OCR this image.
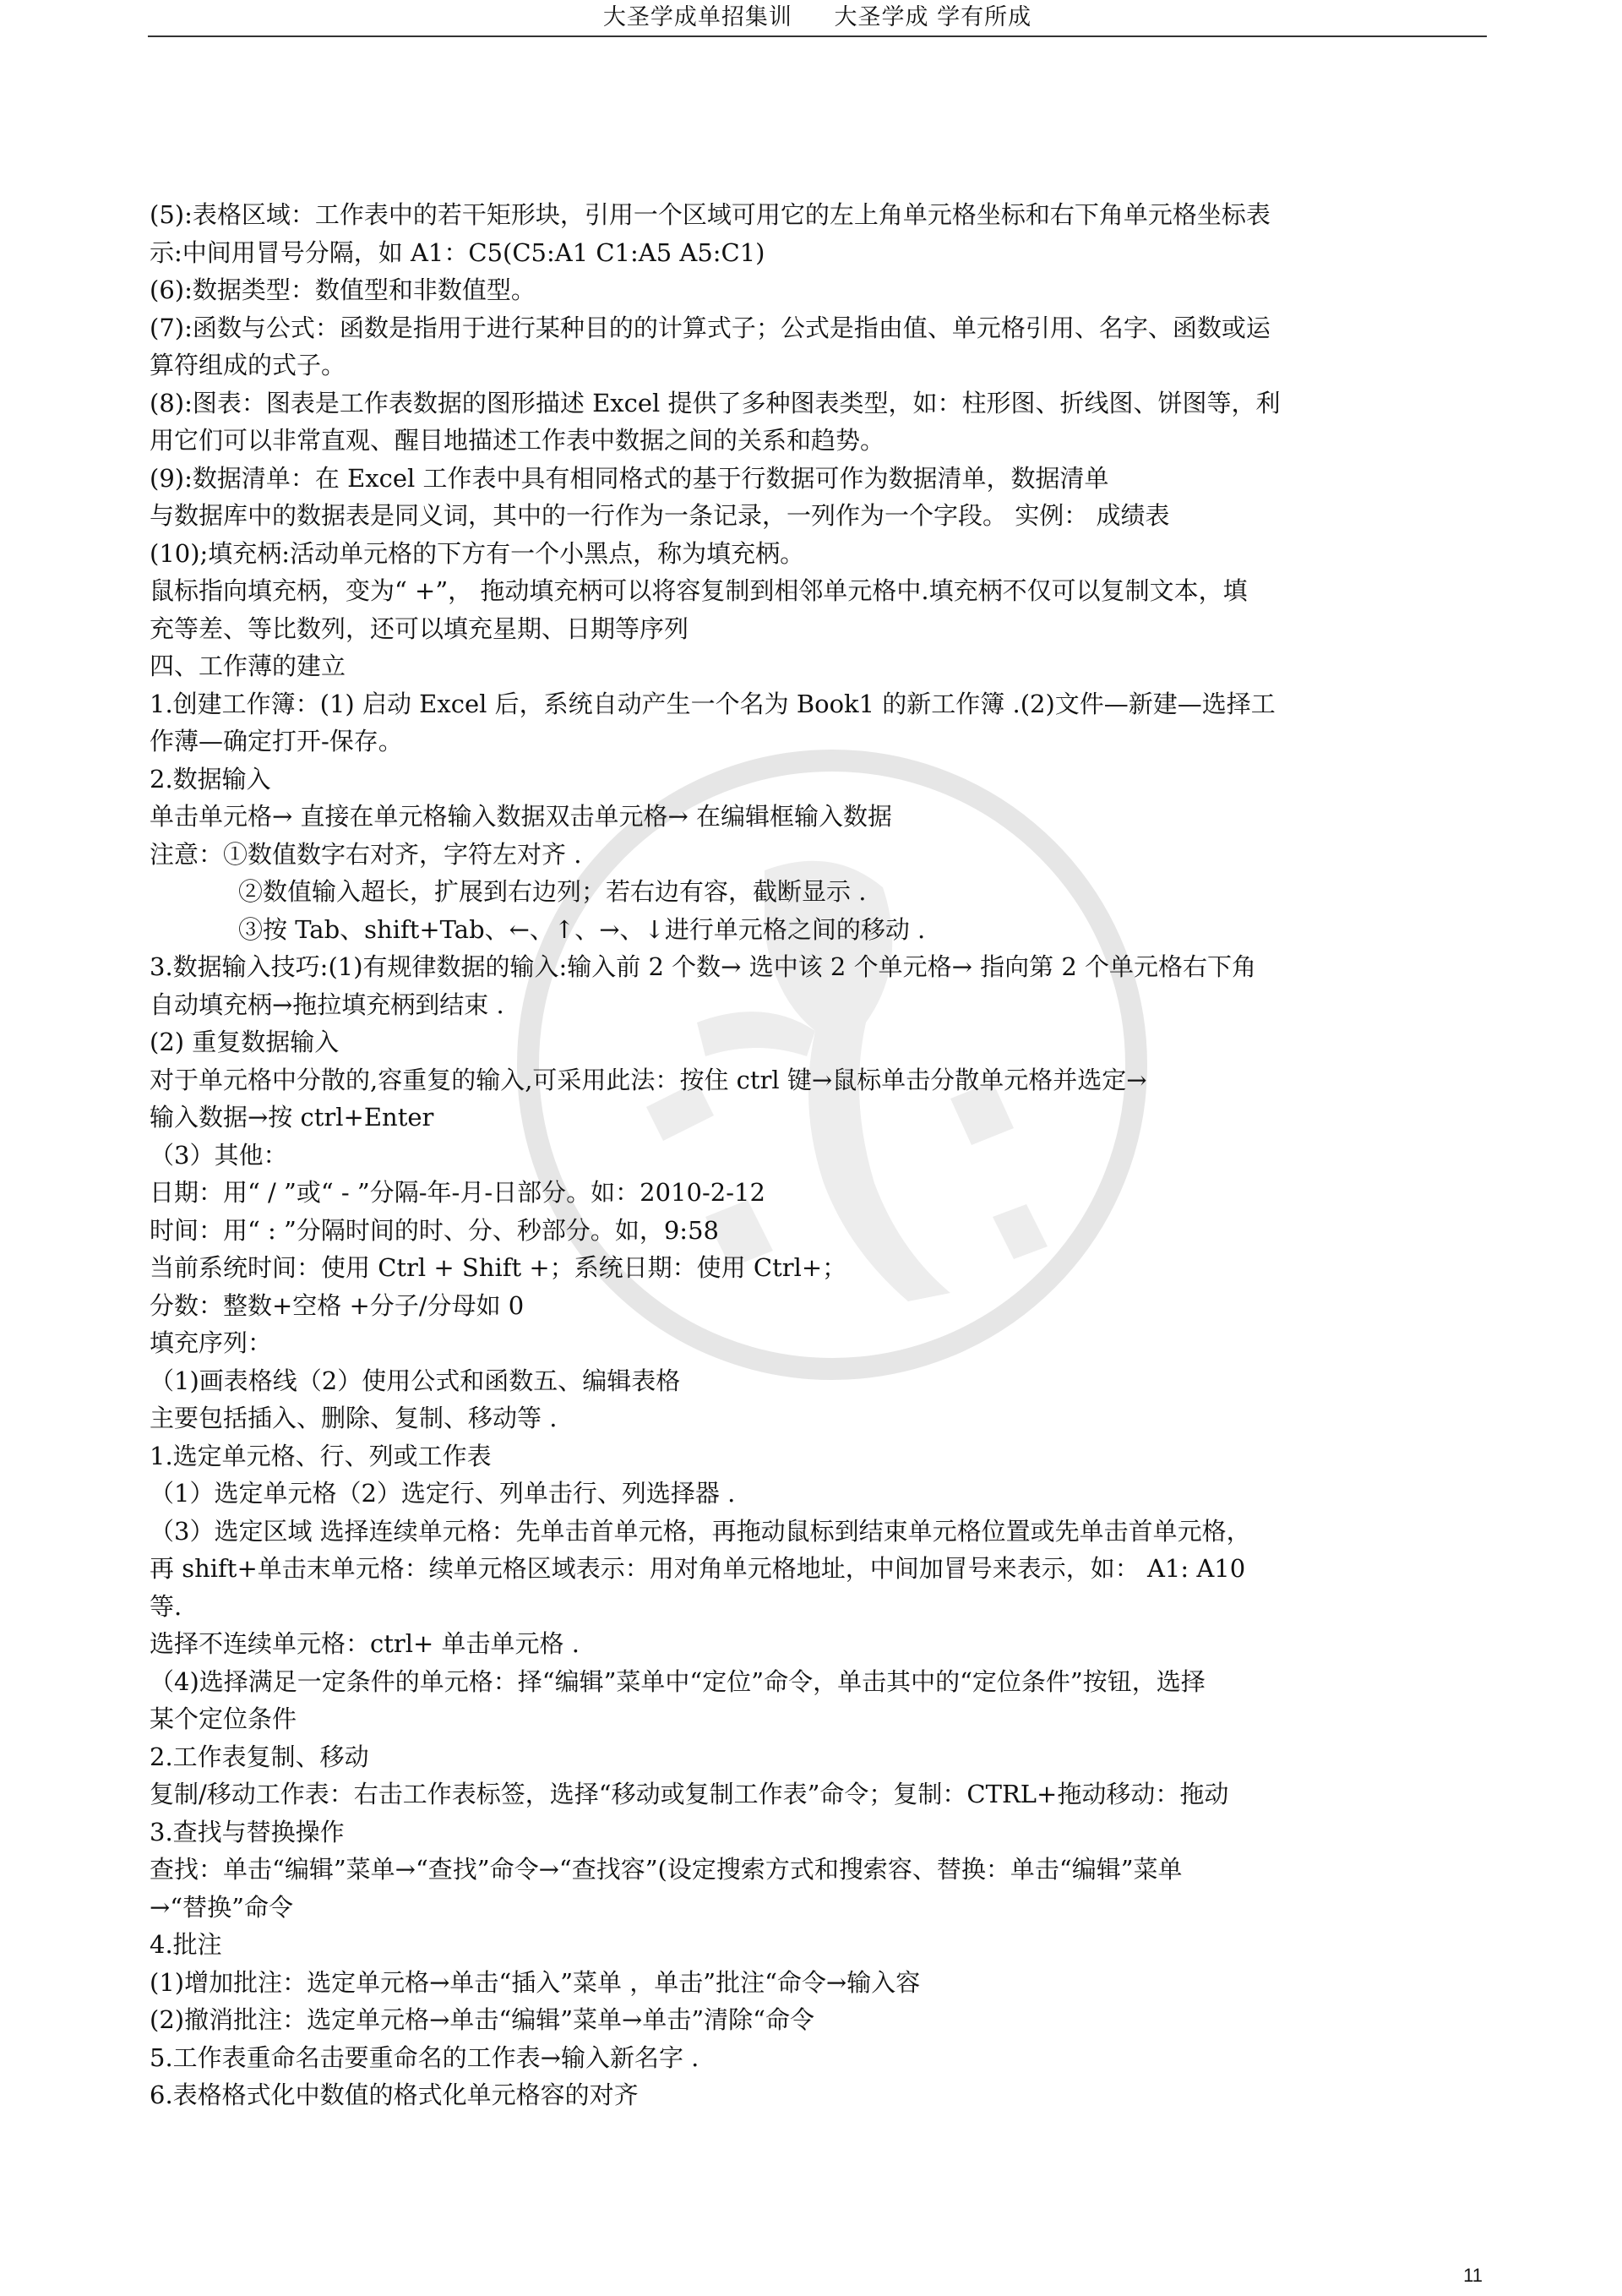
大圣学成单招集训 大圣学成 学有所成
(5):表格区域：工作表中的若干矩形块，引用一个区域可用它的左上角单元格坐标和右下角单元格坐标表
示:中间用冒号分隔，如 A1：C5(C5:A1 C1:A5 A5:C1)
(6):数据类型：数值型和非数值型。
(7):函数与公式：函数是指用于进行某种目的的计算式子；公式是指由值、单元格引用、名字、函数或运
算符组成的式子。
(8):图表：图表是工作表数据的图形描述 Excel 提供了多种图表类型，如：柱形图、折线图、饼图等，利
用它们可以非常直观、醒目地描述工作表中数据之间的关系和趋势。
(9):数据清单：在 Excel 工作表中具有相同格式的基于行数据可作为数据清单，数据清单
与数据库中的数据表是同义词，其中的一行作为一条记录，一列作为一个字段。 实例： 成绩表
(10);填充柄:活动单元格的下方有一个小黑点，称为填充柄。
鼠标指向填充柄，变为“ +”， 拖动填充柄可以将容复制到相邻单元格中.填充柄不仅可以复制文本，填
充等差、等比数列，还可以填充星期、日期等序列
四、工作薄的建立
1.创建工作簿：(1) 启动 Excel 后，系统自动产生一个名为 Book1 的新工作簿 .(2)文件—新建—选择工
作薄—确定打开-保存。
2.数据输入
单击单元格→ 直接在单元格输入数据双击单元格→ 在编辑框输入数据
注意：①数值数字右对齐，字符左对齐 .
②数值输入超长，扩展到右边列；若右边有容，截断显示 .
③按 Tab、shift+Tab、←、↑、→、↓进行单元格之间的移动 .
3.数据输入技巧:(1)有规律数据的输入:输入前 2 个数→ 选中该 2 个单元格→ 指向第 2 个单元格右下角
自动填充柄→拖拉填充柄到结束 .
(2) 重复数据输入
对于单元格中分散的,容重复的输入,可采用此法：按住 ctrl 键→鼠标单击分散单元格并选定→
输入数据→按 ctrl+Enter
（3）其他：
日期：用“ / ”或“ - ”分隔-年-月-日部分。如：2010-2-12
时间：用“ : ”分隔时间的时、分、秒部分。如，9:58
当前系统时间：使用 Ctrl + Shift +；系统日期：使用 Ctrl+；
分数：整数+空格 +分子/分母如 0
填充序列：
（1)画表格线（2）使用公式和函数五、编辑表格
主要包括插入、删除、复制、移动等 .
1.选定单元格、行、列或工作表
（1）选定单元格（2）选定行、列单击行、列选择器 .
（3）选定区域 选择连续单元格：先单击首单元格，再拖动鼠标到结束单元格位置或先单击首单元格，
再 shift+单击末单元格：续单元格区域表示：用对角单元格地址，中间加冒号来表示，如： A1: A10
等.
选择不连续单元格：ctrl+ 单击单元格 .
（4)选择满足一定条件的单元格：择“编辑”菜单中“定位”命令，单击其中的“定位条件”按钮，选择
某个定位条件
2.工作表复制、移动
复制/移动工作表：右击工作表标签，选择“移动或复制工作表”命令；复制：CTRL+拖动移动：拖动
3.查找与替换操作
查找：单击“编辑”菜单→“查找”命令→“查找容”(设定搜索方式和搜索容、替换：单击“编辑”菜单
→“替换”命令
4.批注
(1)增加批注：选定单元格→单击“插入”菜单 ，单击”批注“命令→输入容
(2)撤消批注：选定单元格→单击“编辑”菜单→单击”清除“命令
5.工作表重命名击要重命名的工作表→输入新名字 .
6.表格格式化中数值的格式化单元格容的对齐
11
